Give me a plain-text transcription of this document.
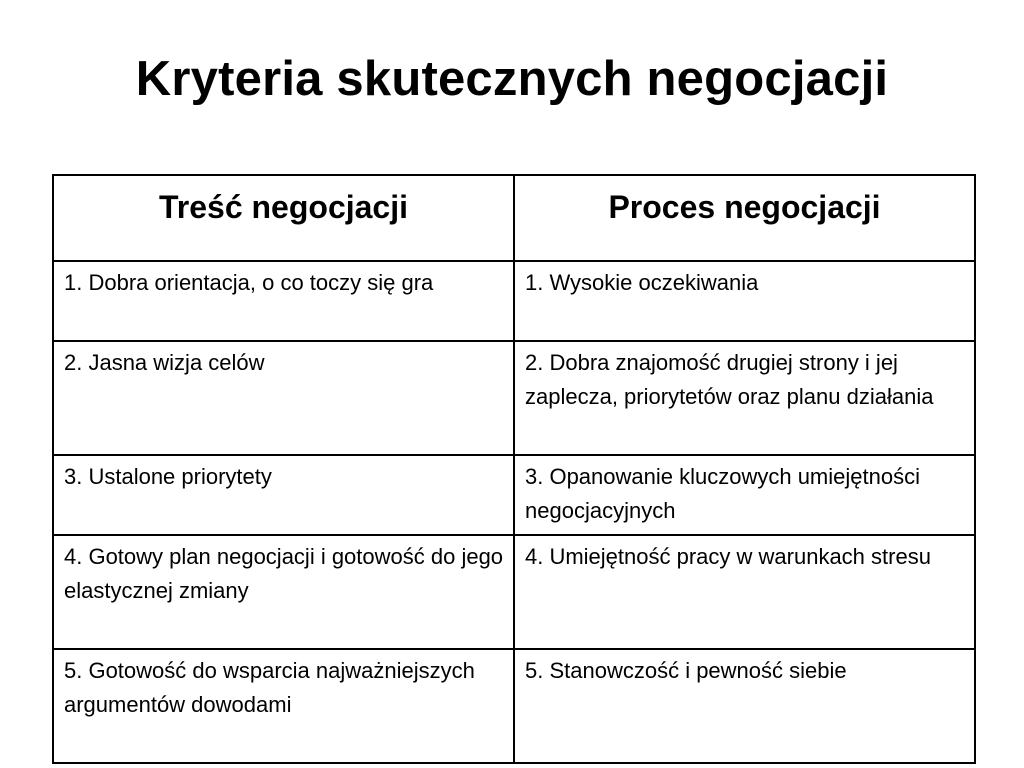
Kryteria skutecznych negocjacji
Treść negocjacji	Proces negocjacji
1. Dobra orientacja, o co toczy się gra	1. Wysokie oczekiwania
2. Jasna wizja celów	2. Dobra znajomość drugiej strony i jej zaplecza, priorytetów oraz planu działania
3. Ustalone priorytety	3. Opanowanie kluczowych umiejętności negocjacyjnych
4. Gotowy plan negocjacji i gotowość do jego elastycznej zmiany	4. Umiejętność pracy w warunkach stresu
5. Gotowość do wsparcia najważniejszych argumentów dowodami	5. Stanowczość i pewność siebie
